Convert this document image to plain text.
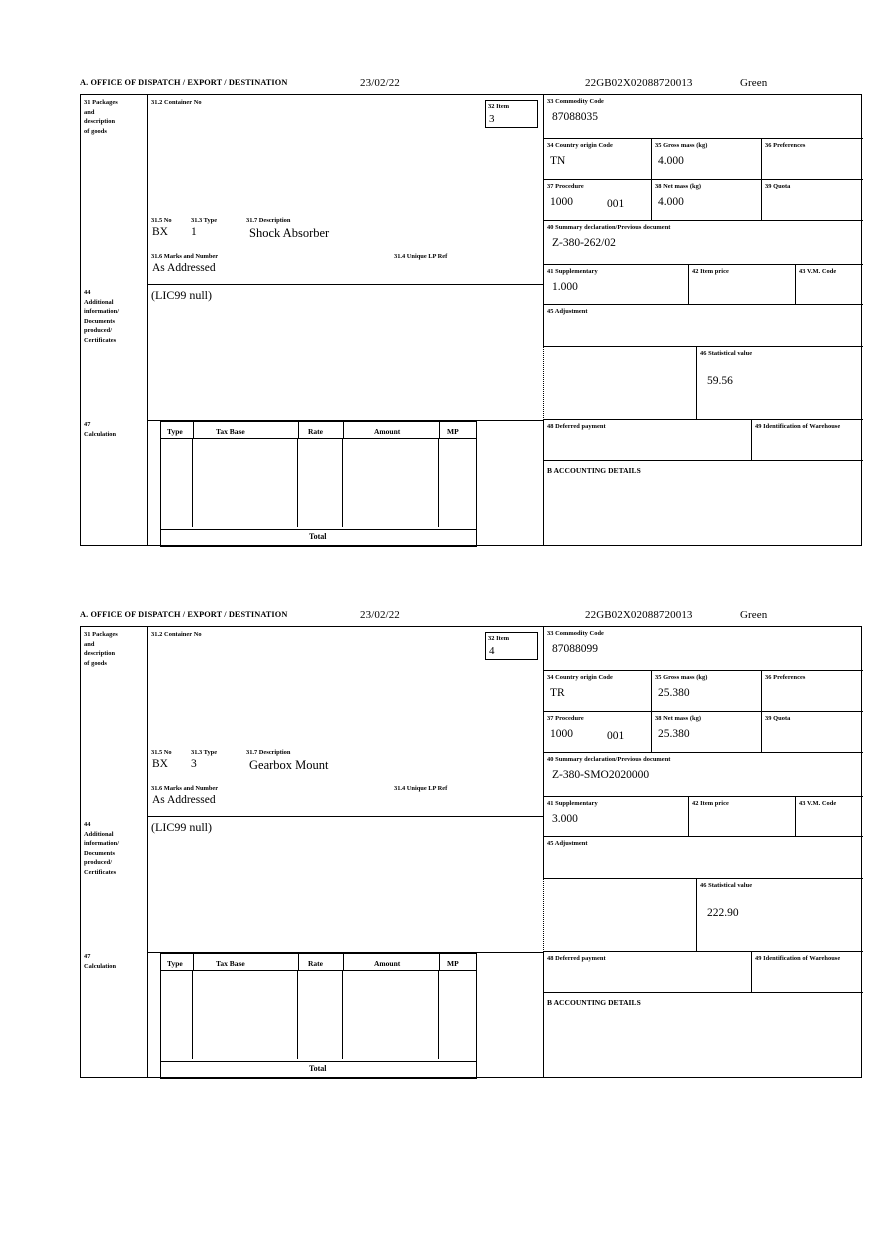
A. OFFICE OF DISPATCH / EXPORT / DESTINATION	23/02/22	22GB02X02088720013	Green
31 Packages
and
description
of goods
44
Additional
information/
Documents
produced/
Certificates
47
Calculation
31.2 Container No
32 Item
3
31.5 No	31.3 Type	31.7 Description
BX 1	Shock Absorber
31.6 Marks and Number	31.4 Unique LP Ref
As Addressed
(LIC99 null)
Type	Tax Base	Rate	Amount	MP
Total
33 Commodity Code
87088035
34 Country origin Code
TN
35 Gross mass (kg)
4.000
36 Preferences
37 Procedure
1000	001
38 Net mass (kg)
4.000
39 Quota
40 Summary declaration/Previous document
Z-380-262/02
41 Supplementary
1.000
42 Item price	43 V.M. Code
45 Adjustment
46 Statistical value
59.56
48 Deferred payment	49 Identification of Warehouse
B ACCOUNTING DETAILS
A. OFFICE OF DISPATCH / EXPORT / DESTINATION	23/02/22	22GB02X02088720013	Green
31 Packages
and
description
of goods
44
Additional
information/
Documents
produced/
Certificates
47
Calculation
31.2 Container No
32 Item
4
31.5 No	31.3 Type	31.7 Description
BX 3	Gearbox Mount
31.6 Marks and Number	31.4 Unique LP Ref
As Addressed
(LIC99 null)
Type	Tax Base	Rate	Amount	MP
Total
33 Commodity Code
87088099
34 Country origin Code
TR
35 Gross mass (kg)
25.380
36 Preferences
37 Procedure
1000	001
38 Net mass (kg)
25.380
39 Quota
40 Summary declaration/Previous document
Z-380-SMO2020000
41 Supplementary
3.000
42 Item price	43 V.M. Code
45 Adjustment
46 Statistical value
222.90
48 Deferred payment	49 Identification of Warehouse
B ACCOUNTING DETAILS
